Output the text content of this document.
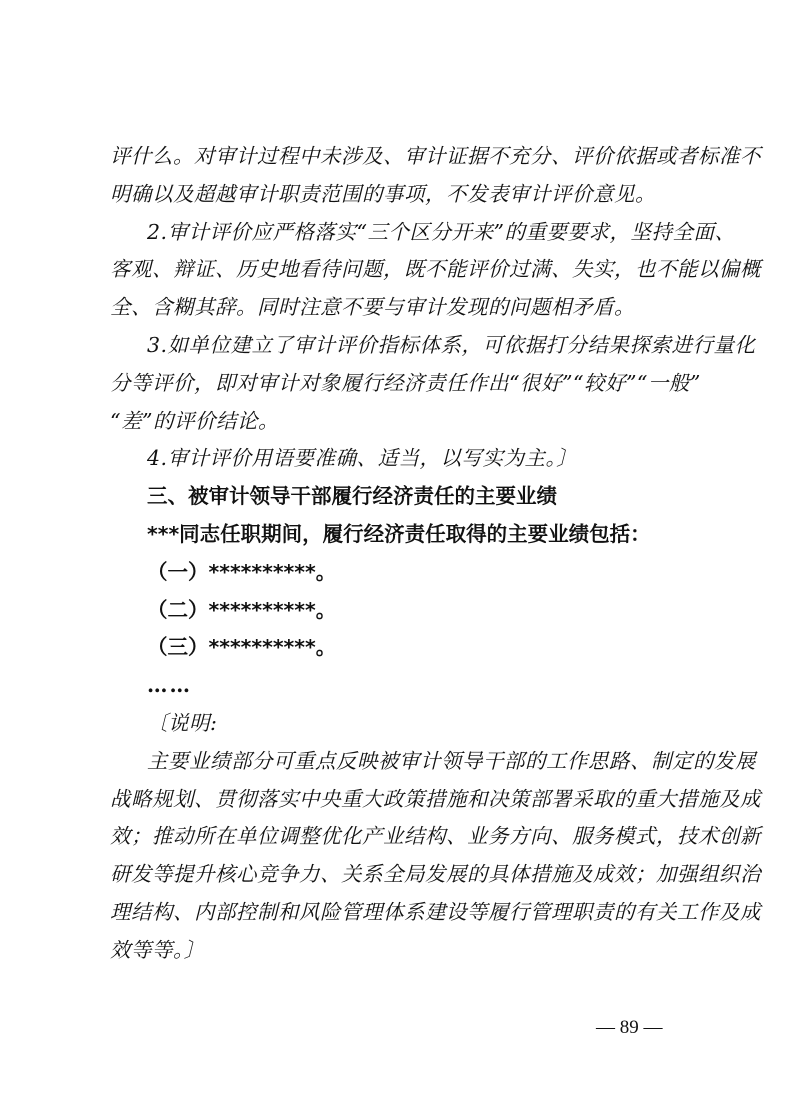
评什么。对审计过程中未涉及、审计证据不充分、评价依据或者标准不
明确以及超越审计职责范围的事项，不发表审计评价意见。
2.审计评价应严格落实“三个区分开来”的重要要求，坚持全面、
客观、辩证、历史地看待问题，既不能评价过满、失实，也不能以偏概
全、含糊其辞。同时注意不要与审计发现的问题相矛盾。
3.如单位建立了审计评价指标体系，可依据打分结果探索进行量化
分等评价，即对审计对象履行经济责任作出“很好”“较好”“一般”
“差”的评价结论。
4.审计评价用语要准确、适当，以写实为主。〕
三、被审计领导干部履行经济责任的主要业绩
***同志任职期间，履行经济责任取得的主要业绩包括：
（一）**********。
（二）**********。
（三）**********。
……
〔说明:
主要业绩部分可重点反映被审计领导干部的工作思路、制定的发展
战略规划、贯彻落实中央重大政策措施和决策部署采取的重大措施及成
效；推动所在单位调整优化产业结构、业务方向、服务模式，技术创新
研发等提升核心竞争力、关系全局发展的具体措施及成效；加强组织治
理结构、内部控制和风险管理体系建设等履行管理职责的有关工作及成
效等等。〕
— 89 —
